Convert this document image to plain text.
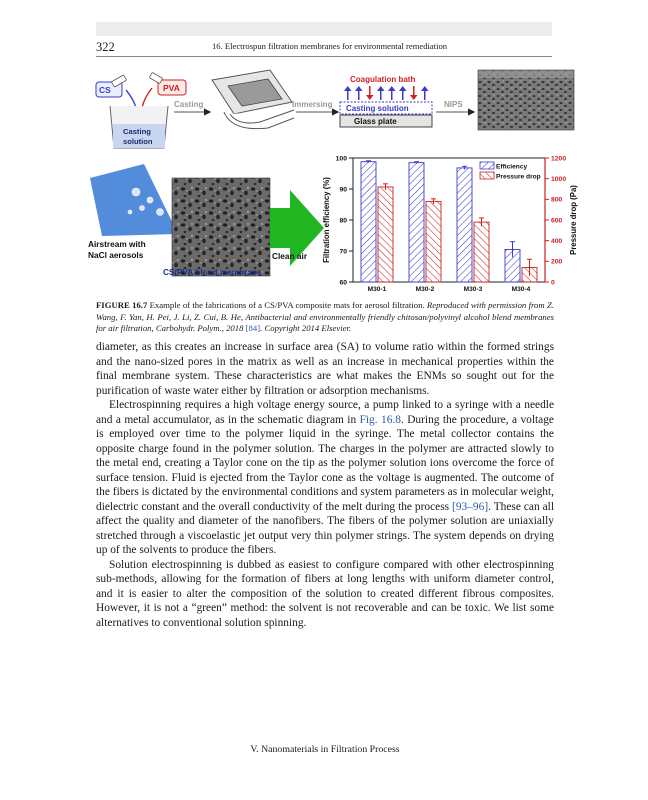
322	16. Electrospun filtration membranes for environmental remediation
CS	PVA
Casting
solution
Casting	Immersing
Coagulation bath
Casting solution
Glass plate
NIPS
Airstream with
NaCl aerosols	Clean air
CS/PVA blend membrane
Filtration efficiency (%)	Pressure drop (Pa)
60
70
80
90
100
0
200
400
600
800
1000
1200
M30-1	M30-2	M30-3	M30-4
Efficiency
Pressure drop
FIGURE 16.7 Example of the fabrications of a CS/PVA composite mats for aerosol filtration. Reproduced with permission from Z. Wang, F. Yan, H. Pei, J. Li, Z. Cui, B. He, Antibacterial and environmentally friendly chitosan/polyvinyl alcohol blend membranes for air filtration, Carbohydr. Polym., 2018 [84]. Copyright 2014 Elsevier.

diameter, as this creates an increase in surface area (SA) to volume ratio within the formed strings and the nano-sized pores in the matrix as well as an increase in mechanical properties within the final membrane system. These characteristics are what makes the ENMs so sought out for the purification of waste water either by filtration or adsorption mechanisms.

Electrospinning requires a high voltage energy source, a pump linked to a syringe with a needle and a metal accumulator, as in the schematic diagram in Fig. 16.8. During the procedure, a voltage is employed over time to the polymer liquid in the syringe. The metal collector contains the opposite charge found in the polymer solution. The charges in the polymer are attracted slowly to the metal end, creating a Taylor cone on the tip as the polymer solution ions overcome the force of surface tension. Fluid is ejected from the Taylor cone as the voltage is augmented. The outcome of the fibers is dictated by the environmental conditions and system parameters as in molecular weight, dielectric constant and the overall conductivity of the melt during the process [93–96]. These can all affect the quality and diameter of the nanofibers. The fibers of the polymer solution are uniaxially stretched through a viscoelastic jet output very thin polymer strings. The system depends on drying up of the solvents to produce the fibers.

Solution electrospinning is dubbed as easiest to configure compared with other electrospinning sub-methods, allowing for the formation of fibers at long lengths with uniform diameter control, and it is easier to alter the composition of the solution to created different fibrous composites. However, it is not a “green” method: the solvent is not recoverable and can be toxic. We list some alternatives to conventional solution spinning.

V. Nanomaterials in Filtration Process
